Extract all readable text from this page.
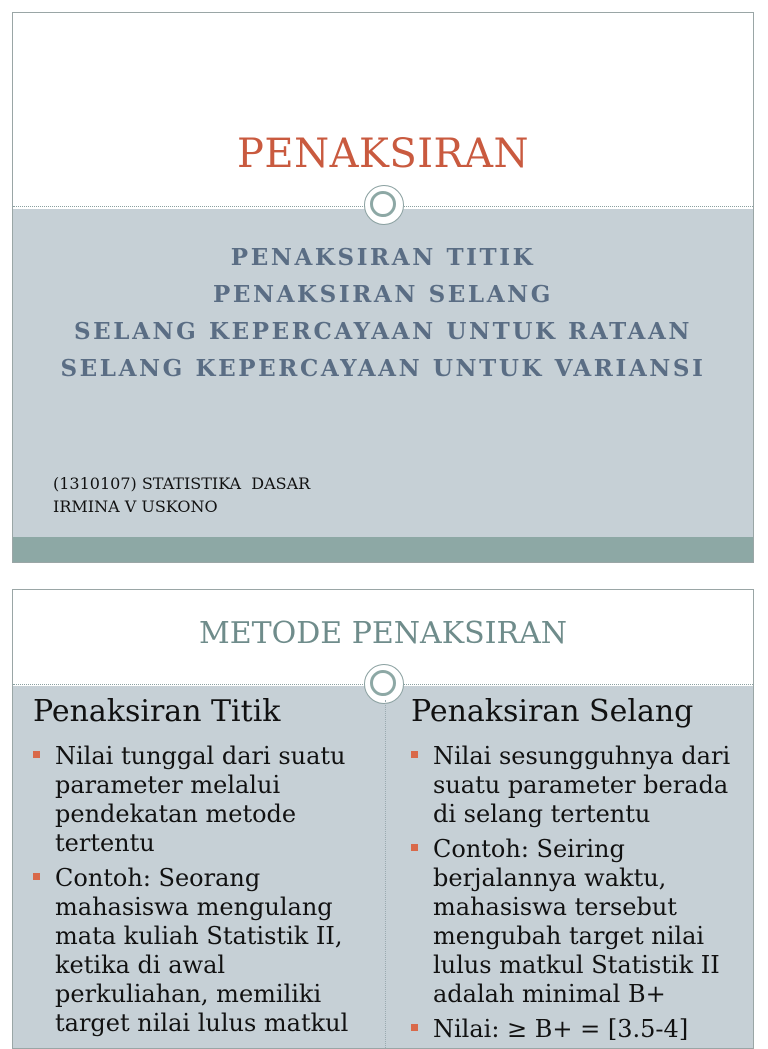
PENAKSIRAN
PENAKSIRAN TITIK
PENAKSIRAN SELANG
SELANG KEPERCAYAAN UNTUK RATAAN
SELANG KEPERCAYAAN UNTUK VARIANSI
(1310107) STATISTIKA  DASAR
IRMINA V USKONO
METODE PENAKSIRAN
Penaksiran Titik
Nilai tunggal dari suatu parameter melalui pendekatan metode tertentu
Contoh: Seorang mahasiswa mengulang mata kuliah Statistik II, ketika di awal perkuliahan, memiliki target nilai lulus matkul
Penaksiran Selang
Nilai sesungguhnya dari suatu parameter berada di selang tertentu
Contoh: Seiring berjalannya waktu, mahasiswa tersebut mengubah target nilai lulus matkul Statistik II adalah minimal B+
Nilai: ≥ B+ = [3.5-4]
